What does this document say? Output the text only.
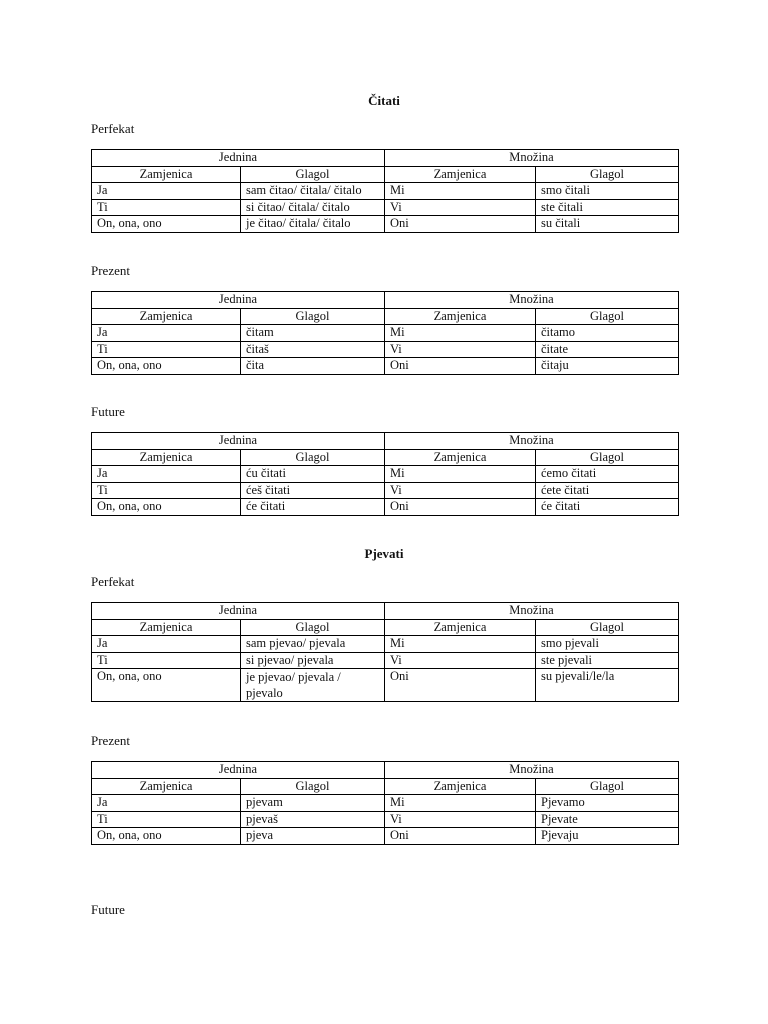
Čitati
Perfekat
Jednina		Množina	
Zamjenica	Glagol	Zamjenica	Glagol
Ja	sam čitao/ čitala/ čitalo	Mi	smo čitali
Ti	si čitao/ čitala/ čitalo	Vi	ste čitali
On, ona, ono	je čitao/ čitala/ čitalo	Oni	su čitali
Prezent
Jednina		Množina	
Zamjenica	Glagol	Zamjenica	Glagol
Ja	čitam	Mi	čitamo
Ti	čitaš	Vi	čitate
On, ona, ono	čita	Oni	čitaju
Future
Jednina		Množina	
Zamjenica	Glagol	Zamjenica	Glagol
Ja	ću čitati	Mi	ćemo čitati
Ti	ćeš čitati	Vi	ćete čitati
On, ona, ono	će čitati	Oni	će čitati
Pjevati
Perfekat
Jednina		Množina	
Zamjenica	Glagol	Zamjenica	Glagol
Ja	sam pjevao/ pjevala	Mi	smo pjevali
Ti	si pjevao/ pjevala	Vi	ste pjevali
On, ona, ono	je pjevao/ pjevala / pjevalo	Oni	su pjevali/le/la
Prezent
Jednina		Množina	
Zamjenica	Glagol	Zamjenica	Glagol
Ja	pjevam	Mi	Pjevamo
Ti	pjevaš	Vi	Pjevate
On, ona, ono	pjeva	Oni	Pjevaju
Future
